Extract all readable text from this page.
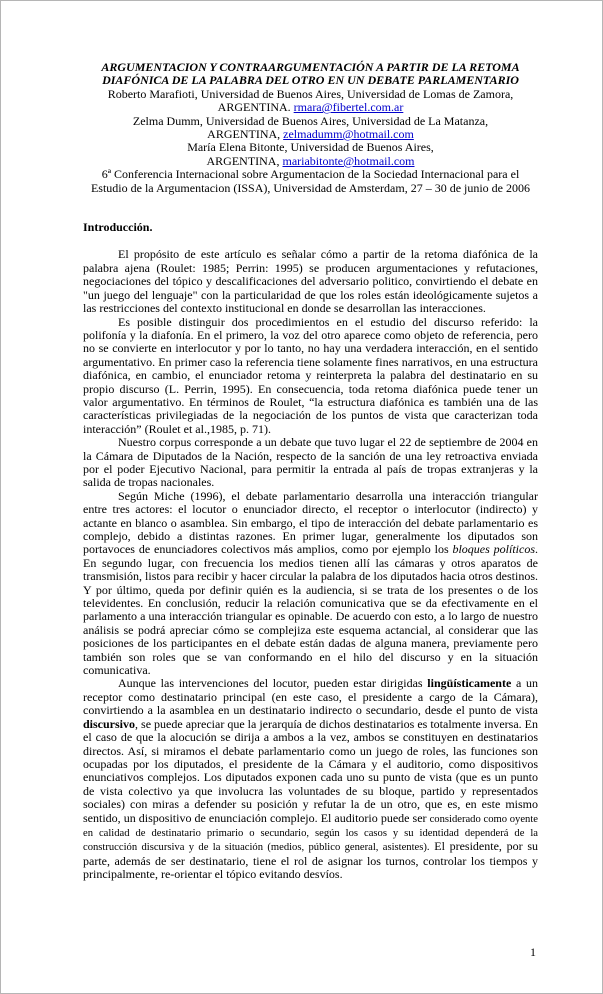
ARGUMENTACION Y CONTRAARGUMENTACIÓN A PARTIR DE LA RETOMA
DIAFÓNICA DE LA PALABRA DEL OTRO EN UN DEBATE PARLAMENTARIO
Roberto Marafioti, Universidad de Buenos Aires, Universidad de Lomas de Zamora,
ARGENTINA. rmara@fibertel.com.ar
Zelma Dumm, Universidad de Buenos Aires, Universidad de La Matanza,
ARGENTINA, zelmadumm@hotmail.com
María Elena Bitonte, Universidad de Buenos Aires,
ARGENTINA, mariabitonte@hotmail.com
6ª Conferencia Internacional sobre Argumentacion de la Sociedad Internacional para el
Estudio de la Argumentacion (ISSA), Universidad de Amsterdam, 27 – 30 de junio de 2006
Introducción.

El propósito de este artículo es señalar cómo a partir de la retoma diafónica de la palabra ajena (Roulet: 1985; Perrin: 1995) se producen argumentaciones y refutaciones, negociaciones del tópico y descalificaciones del adversario politico, convirtiendo el debate en "un juego del lenguaje" con la particularidad de que los roles están ideológicamente sujetos a las restricciones del contexto institucional en donde se desarrollan las interacciones.

Es posible distinguir dos procedimientos en el estudio del discurso referido: la polifonía y la diafonía. En el primero, la voz del otro aparece como objeto de referencia, pero no se convierte en interlocutor y por lo tanto, no hay una verdadera interacción, en el sentido argumentativo. En primer caso la referencia tiene solamente fines narrativos, en una estructura diafónica, en cambio, el enunciador retoma y reinterpreta la palabra del destinatario en su propio discurso (L. Perrin, 1995). En consecuencia, toda retoma diafónica puede tener un valor argumentativo. En términos de Roulet, “la estructura diafónica es también una de las características privilegiadas de la negociación de los puntos de vista que caracterizan toda interacción” (Roulet et al.,1985, p. 71).

Nuestro corpus corresponde a un debate que tuvo lugar el 22 de septiembre de 2004 en la Cámara de Diputados de la Nación, respecto de la sanción de una ley retroactiva enviada por el poder Ejecutivo Nacional, para permitir la entrada al país de tropas extranjeras y la salida de tropas nacionales.

Según Miche (1996), el debate parlamentario desarrolla una interacción triangular entre tres actores: el locutor o enunciador directo, el receptor o interlocutor (indirecto) y actante en blanco o asamblea. Sin embargo, el tipo de interacción del debate parlamentario es complejo, debido a distintas razones. En primer lugar, generalmente los diputados son portavoces de enunciadores colectivos más amplios, como por ejemplo los bloques políticos. En segundo lugar, con frecuencia los medios tienen allí las cámaras y otros aparatos de transmisión, listos para recibir y hacer circular la palabra de los diputados hacia otros destinos. Y por último, queda por definir quién es la audiencia, si se trata de los presentes o de los televidentes. En conclusión, reducir la relación comunicativa que se da efectivamente en el parlamento a una interacción triangular es opinable. De acuerdo con esto, a lo largo de nuestro análisis se podrá apreciar cómo se complejiza este esquema actancial, al considerar que las posiciones de los participantes en el debate están dadas de alguna manera, previamente pero también son roles que se van conformando en el hilo del discurso y en la situación comunicativa.

Aunque las intervenciones del locutor, pueden estar dirigidas lingüísticamente a un receptor como destinatario principal (en este caso, el presidente a cargo de la Cámara), convirtiendo a la asamblea en un destinatario indirecto o secundario, desde el punto de vista discursivo, se puede apreciar que la jerarquía de dichos destinatarios es totalmente inversa. En el caso de que la alocución se dirija a ambos a la vez, ambos se constituyen en destinatarios directos. Así, si miramos el debate parlamentario como un juego de roles, las funciones son ocupadas por los diputados, el presidente de la Cámara y el auditorio, como dispositivos enunciativos complejos. Los diputados exponen cada uno su punto de vista (que es un punto de vista colectivo ya que involucra las voluntades de su bloque, partido y representados sociales) con miras a defender su posición y refutar la de un otro, que es, en este mismo sentido, un dispositivo de enunciación complejo. El auditorio puede ser considerado como oyente en calidad de destinatario primario o secundario, según los casos y su identidad dependerá de la construcción discursiva y de la situación (medios, público general, asistentes). El presidente, por su parte, además de ser destinatario, tiene el rol de asignar los turnos, controlar los tiempos y principalmente, re-orientar el tópico evitando desvíos.

1
